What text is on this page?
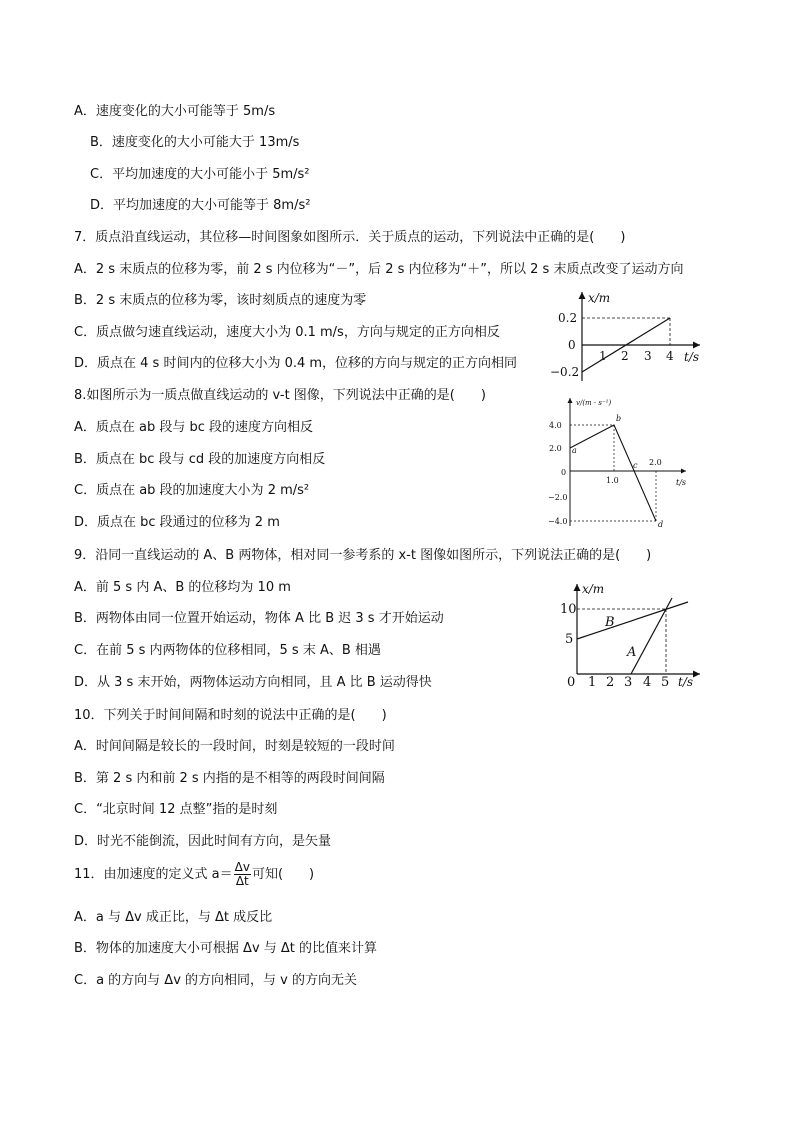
A．速度变化的大小可能等于 5m/s
B．速度变化的大小可能大于 13m/s
C．平均加速度的大小可能小于 5m/s²
D．平均加速度的大小可能等于 8m/s²
7．质点沿直线运动，其位移—时间图象如图所示．关于质点的运动，下列说法中正确的是(　　)
A．2 s 末质点的位移为零，前 2 s 内位移为“－”，后 2 s 内位移为“＋”，所以 2 s 末质点改变了运动方向
B．2 s 末质点的位移为零，该时刻质点的速度为零
C．质点做匀速直线运动，速度大小为 0.1 m/s，方向与规定的正方向相反
D．质点在 4 s 时间内的位移大小为 0.4 m，位移的方向与规定的正方向相同
x/m
t/s
0.2
0
−0.2
1 2 3 4
8.如图所示为一质点做直线运动的 v-t 图像，下列说法中正确的是(　　)
A．质点在 ab 段与 bc 段的速度方向相反
B．质点在 bc 段与 cd 段的加速度方向相反
C．质点在 ab 段的加速度大小为 2 m/s²
D．质点在 bc 段通过的位移为 2 m
v/(m · s⁻¹)
t/s
4.0
2.0
0
−2.0
−4.0
1.0
2.0
a
b
c
d
9．沿同一直线运动的 A、B 两物体，相对同一参考系的 x-t 图像如图所示，下列说法正确的是(　　)
A．前 5 s 内 A、B 的位移均为 10 m
B．两物体由同一位置开始运动，物体 A 比 B 迟 3 s 才开始运动
C．在前 5 s 内两物体的位移相同，5 s 末 A、B 相遇
D．从 3 s 末开始，两物体运动方向相同，且 A 比 B 运动得快
x/m
t/s
10
5
0 1 2 3 4 5
B
A
10．下列关于时间间隔和时刻的说法中正确的是(　　)
A．时间间隔是较长的一段时间，时刻是较短的一段时间
B．第 2 s 内和前 2 s 内指的是不相等的两段时间间隔
C．“北京时间 12 点整”指的是时刻
D．时光不能倒流，因此时间有方向，是矢量
11．由加速度的定义式 $a= \frac{\Delta v}{\Delta t}$ 可知(　　)
A．a 与 Δv 成正比，与 Δt 成反比
B．物体的加速度大小可根据 Δv 与 Δt 的比值来计算
C．a 的方向与 Δv 的方向相同，与 v 的方向无关
